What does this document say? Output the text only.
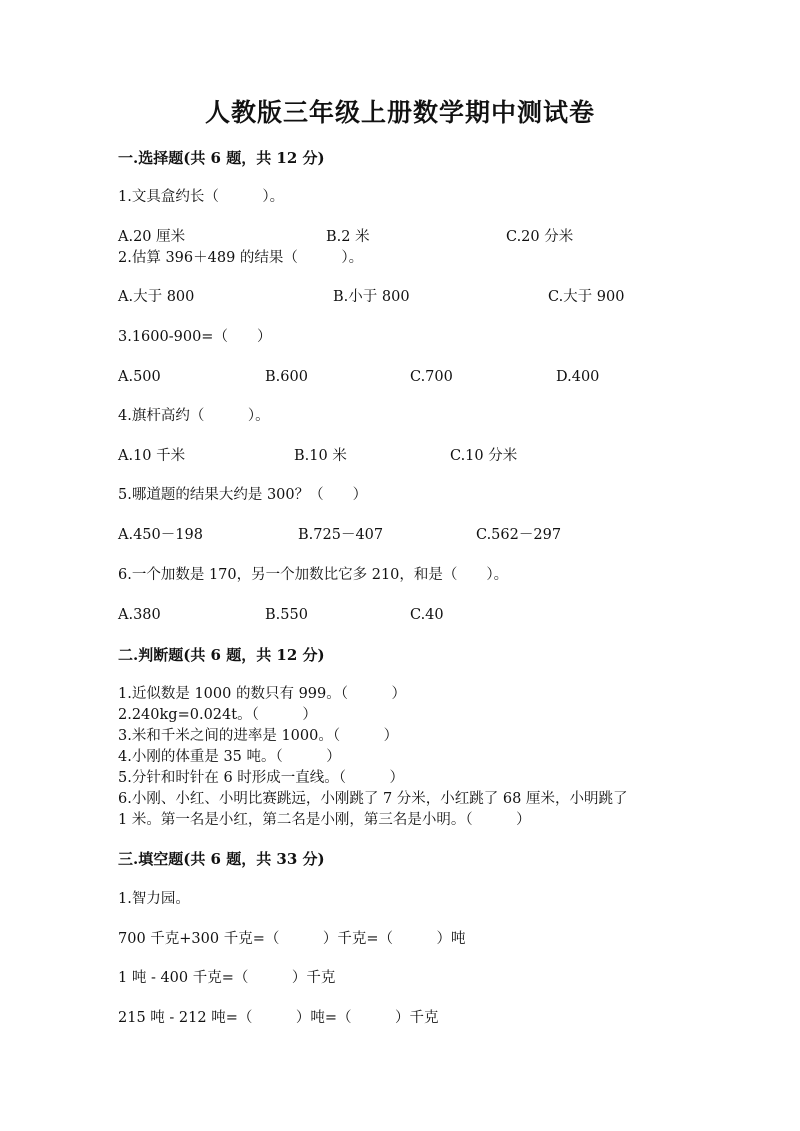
人教版三年级上册数学期中测试卷
一.选择题(共 6 题，共 12 分)
1.文具盒约长（　　　）。
A.20 厘米	B.2 米	C.20 分米
2.估算 396＋489 的结果（　　　）。
A.大于 800	B.小于 800	C.大于 900
3.1600-900=（　　）
A.500	B.600	C.700	D.400
4.旗杆高约（　　　）。
A.10 千米	B.10 米	C.10 分米
5.哪道题的结果大约是 300？（　　）
A.450－198	B.725－407	C.562－297
6.一个加数是 170，另一个加数比它多 210，和是（　　）。
A.380	B.550	C.40
二.判断题(共 6 题，共 12 分)
1.近似数是 1000 的数只有 999。（　　　）
2.240kg=0.024t。（　　　）
3.米和千米之间的进率是 1000。（　　　）
4.小刚的体重是 35 吨。（　　　）
5.分针和时针在 6 时形成一直线。（　　　）
6.小刚、小红、小明比赛跳远，小刚跳了 7 分米，小红跳了 68 厘米，小明跳了
1 米。第一名是小红，第二名是小刚，第三名是小明。（　　　）
三.填空题(共 6 题，共 33 分)
1.智力园。
700 千克+300 千克=（　　　）千克=（　　　）吨
1 吨 - 400 千克=（　　　）千克
215 吨 - 212 吨=（　　　）吨=（　　　）千克
